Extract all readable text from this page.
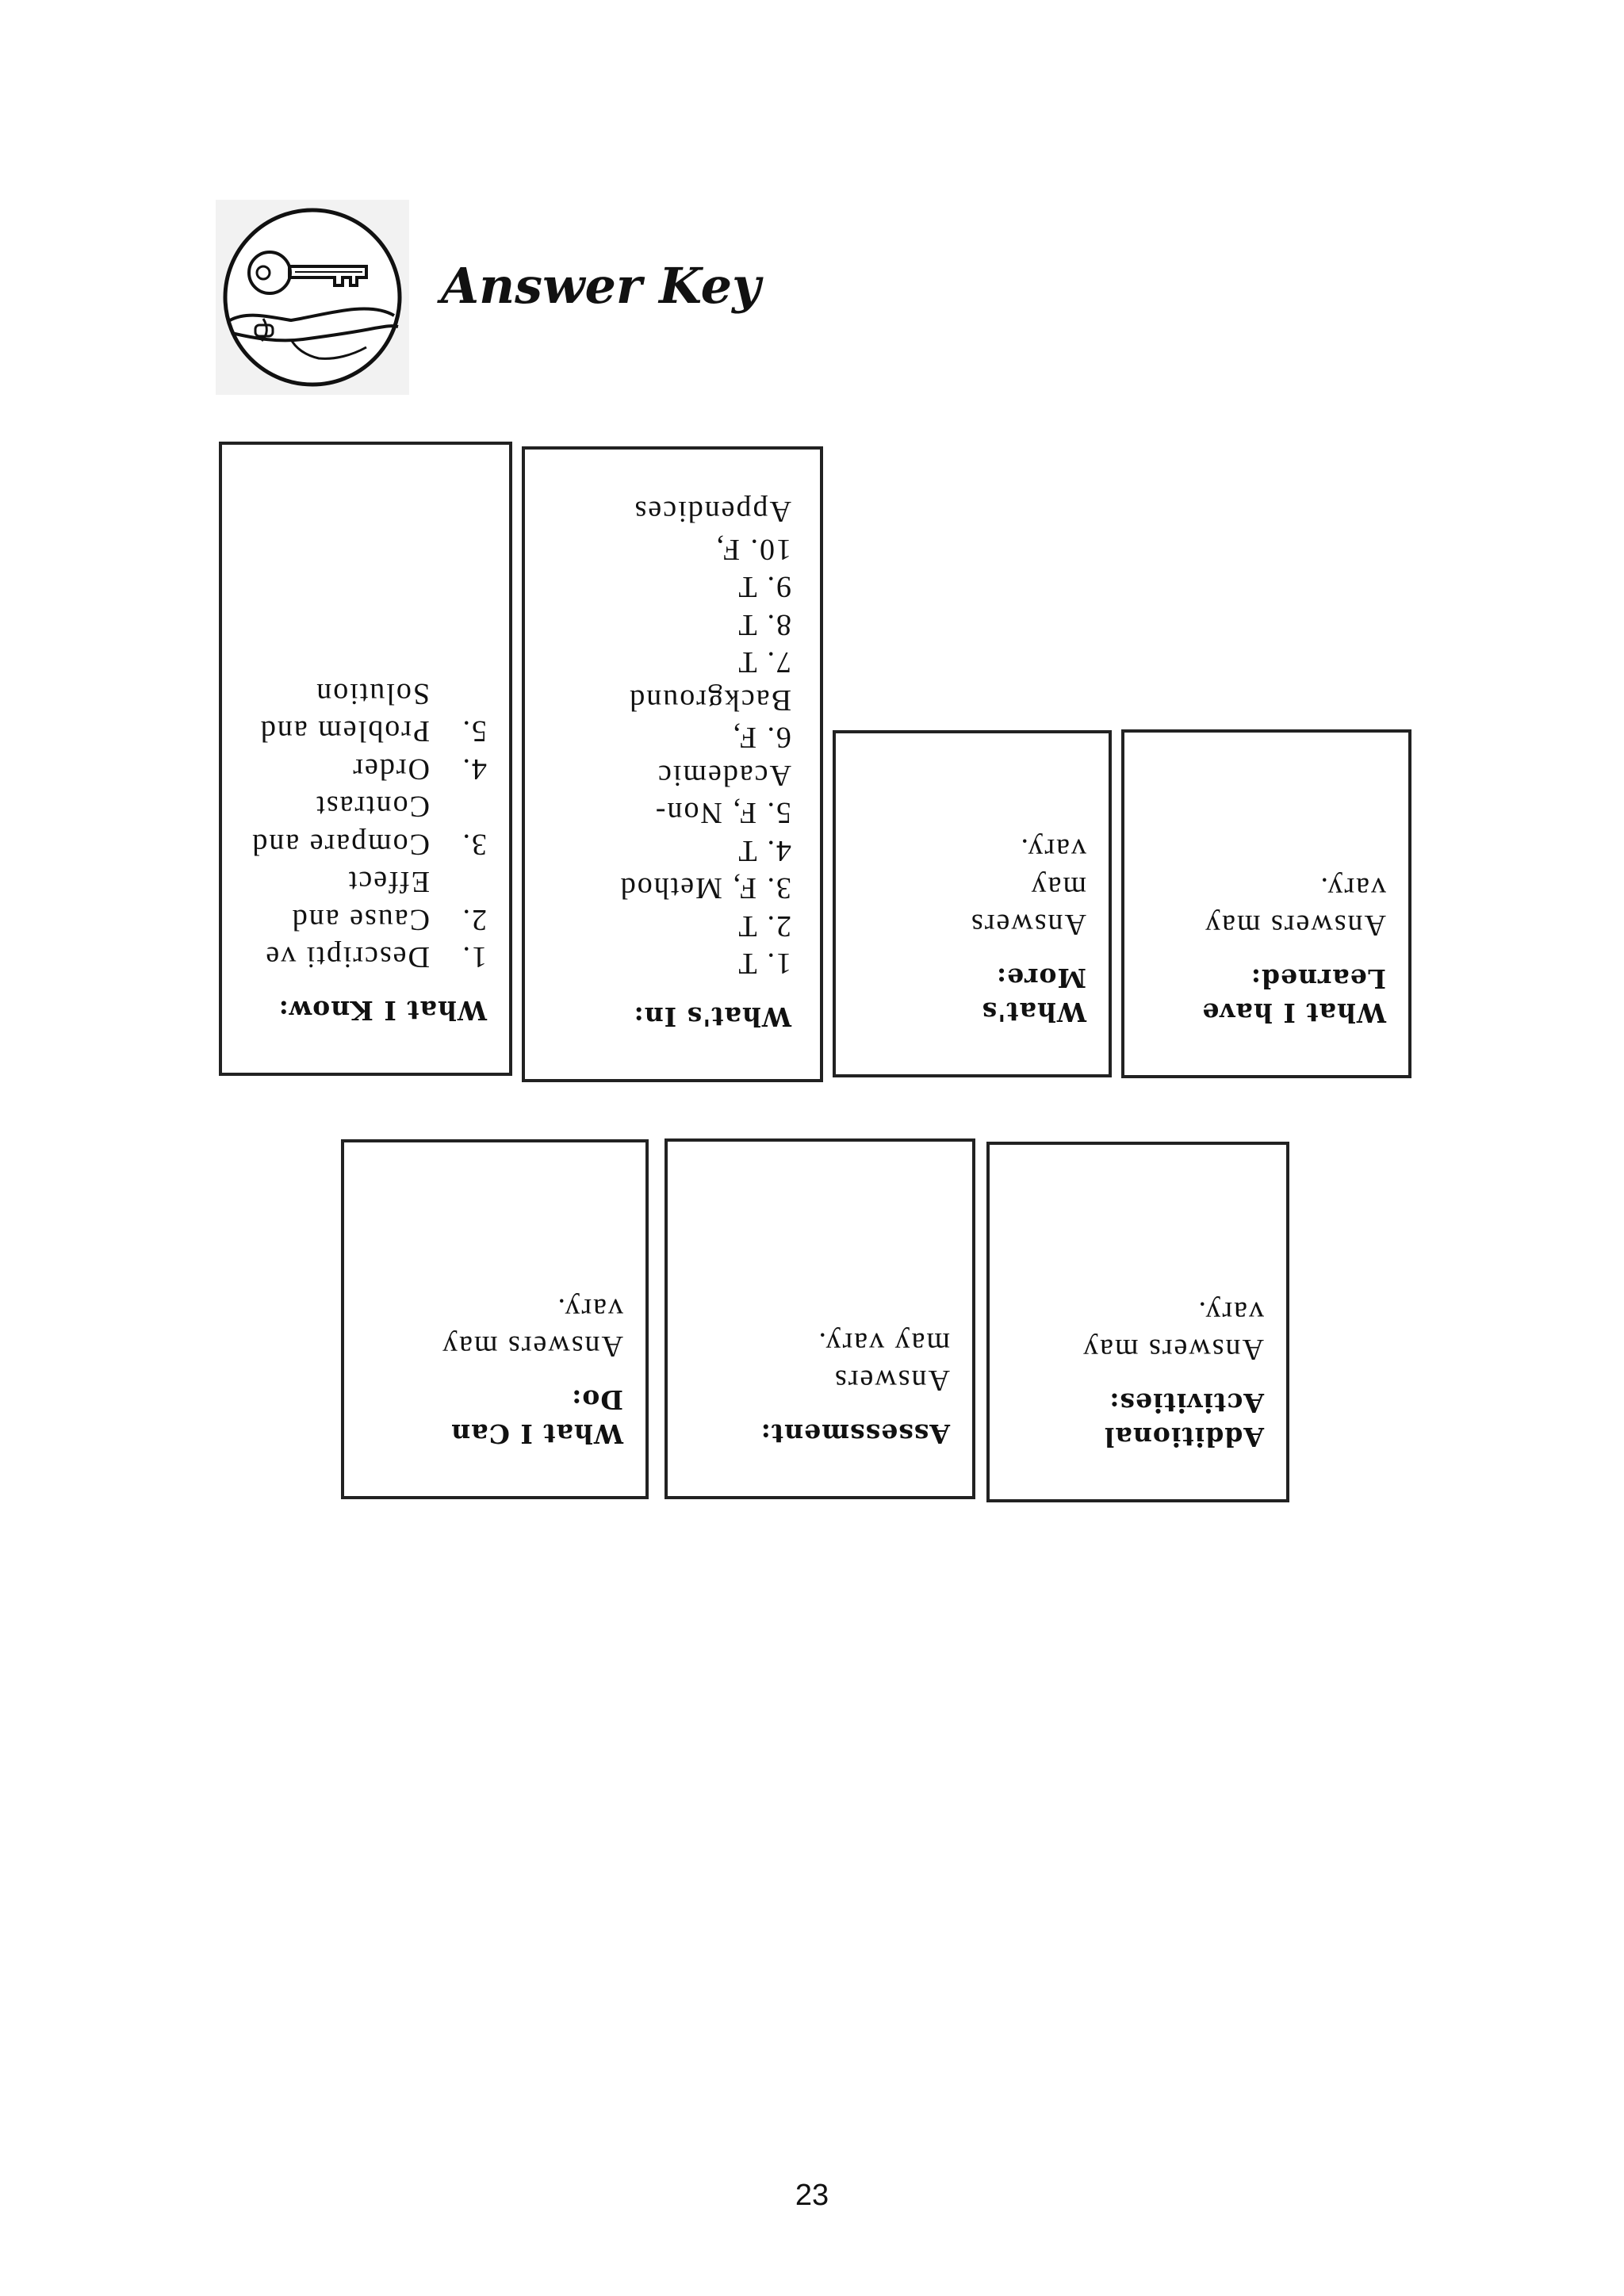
Answer Key
What I Know:
1.
Descripti ve
2.
Cause and Effect
3.
Compare and Contrast
4.
Order
5.
Problem and Solution
What's In:
1. T
2. T
3. F, Method
4. T
5. F, Non-Academic
6. F, Background
7. T
8. T
9. T
10. F, Appendices
What's More:

Answers may vary.

What I have Learned:

Answers may vary.

What I Can Do:

Answers may vary.

Assessment:

Answers may vary.

Additional Activities:

Answers may vary.

23
